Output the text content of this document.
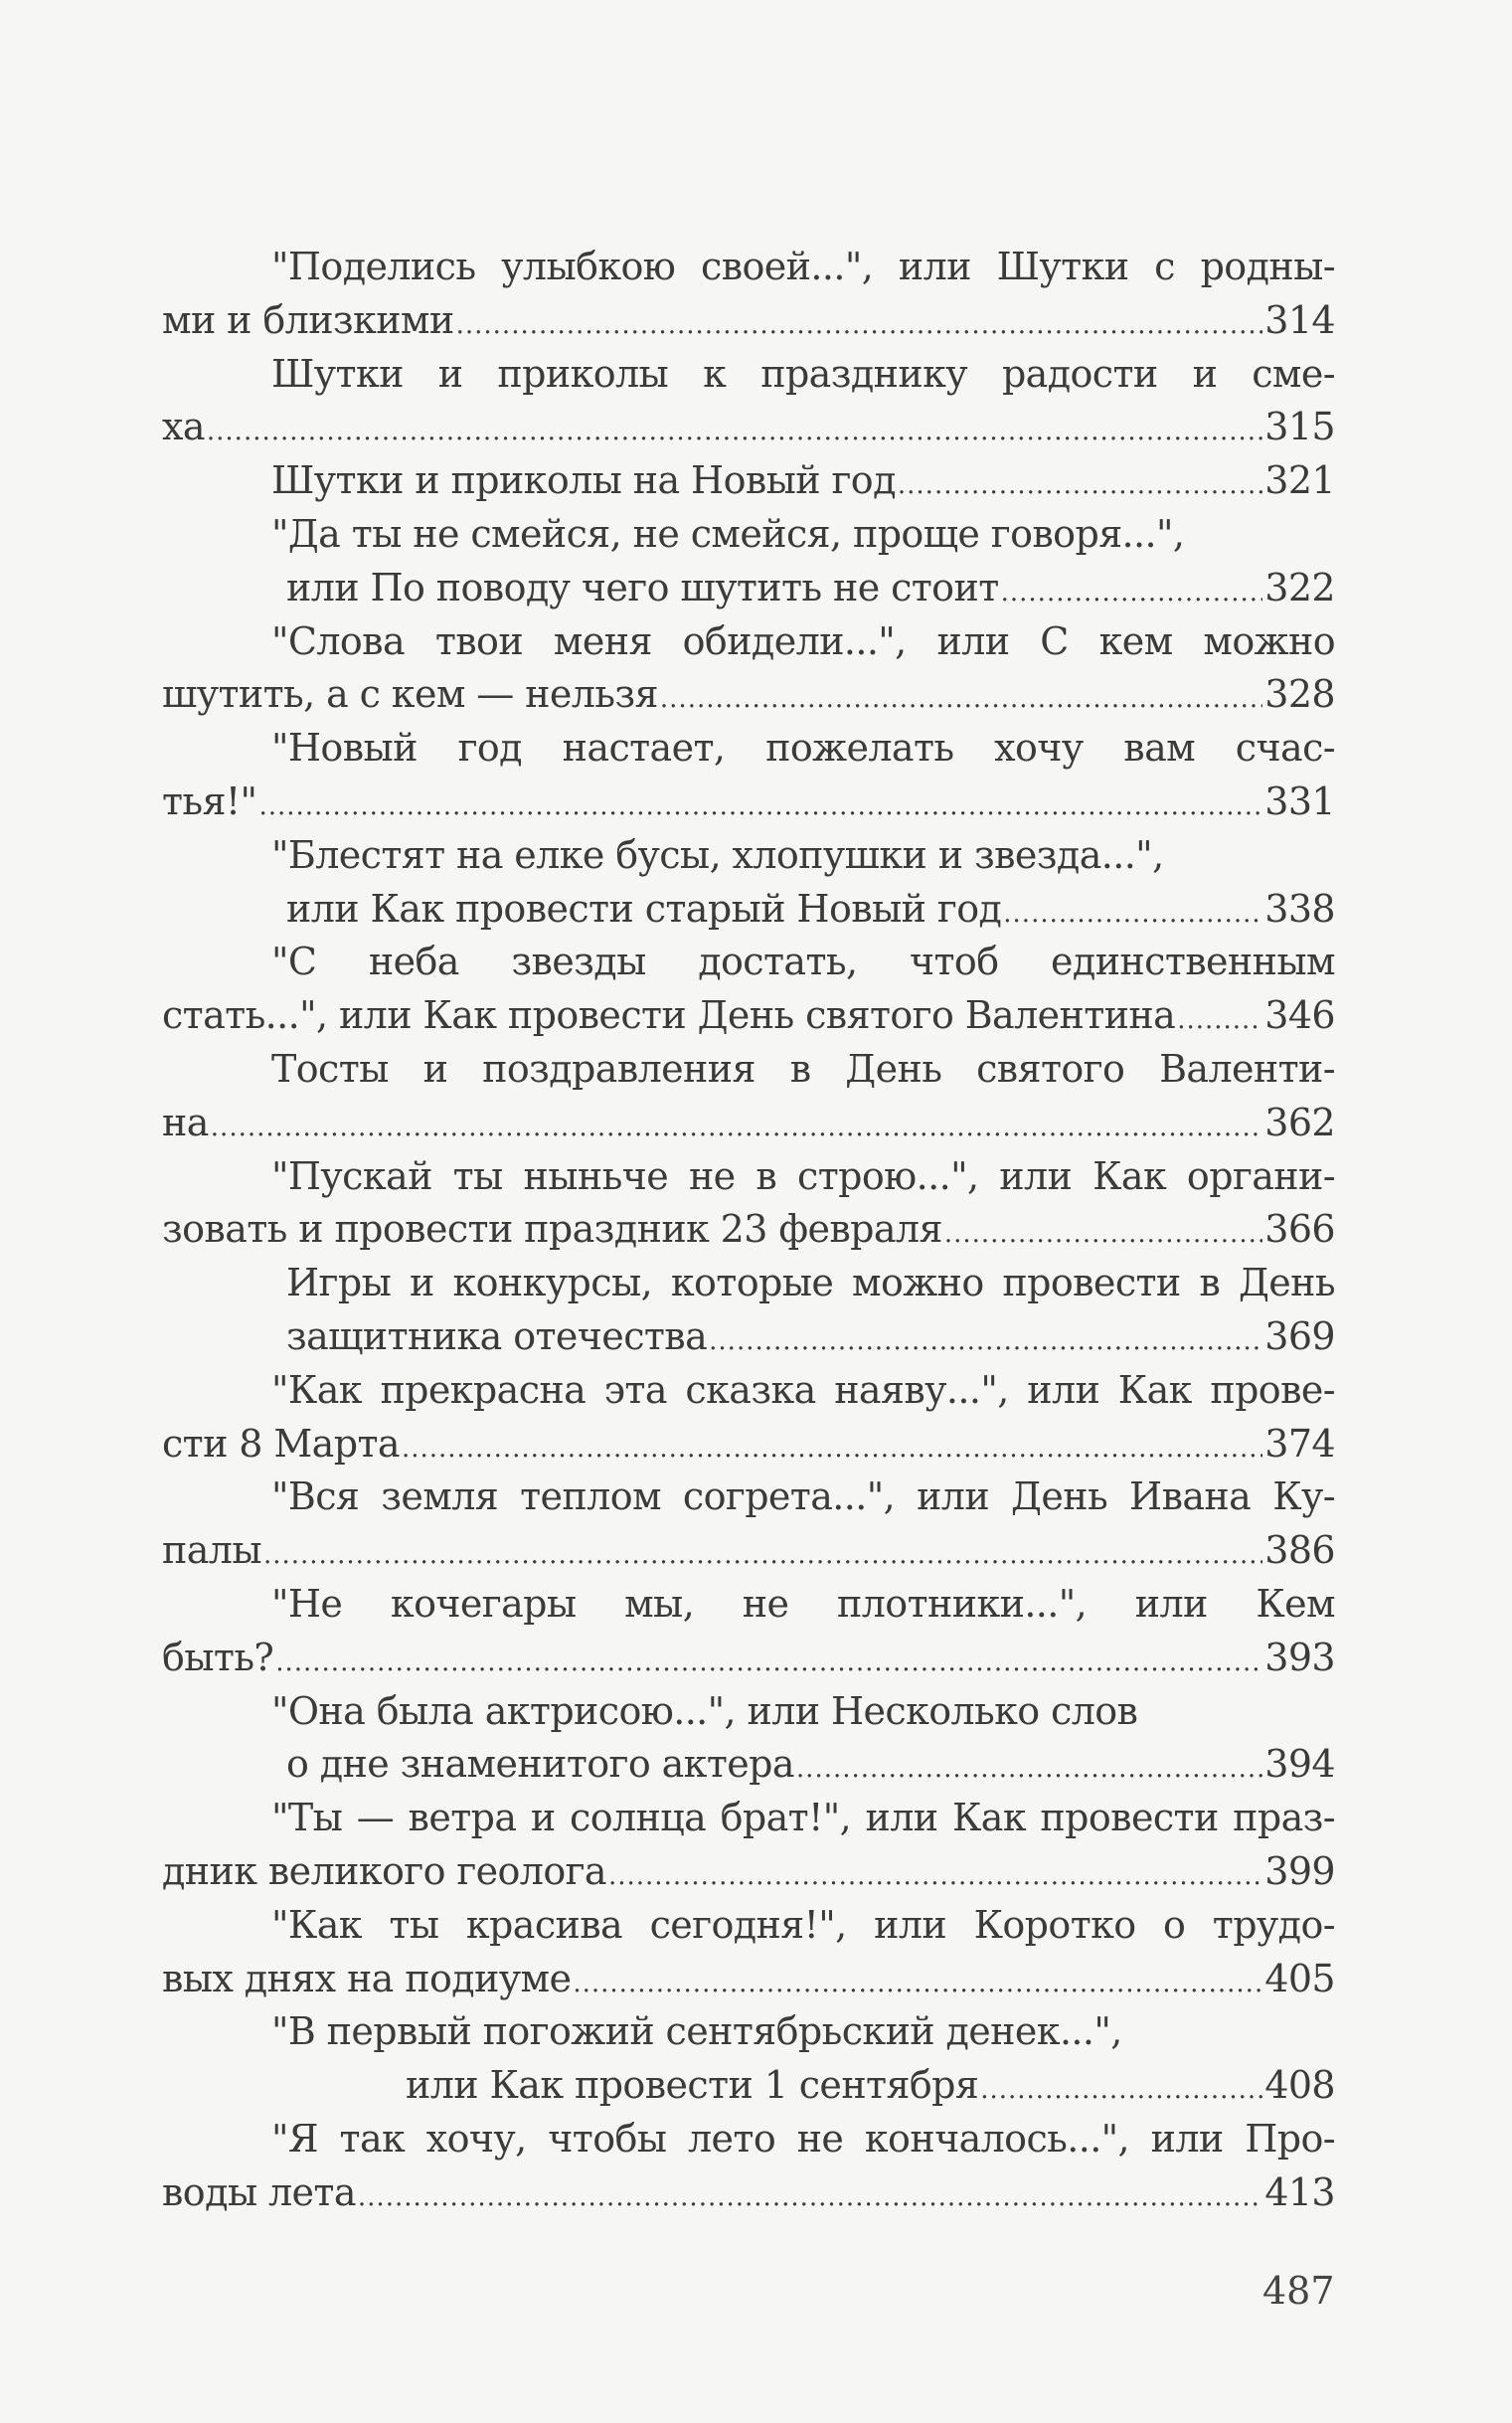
"Поделись улыбкою своей...", или Шутки с родны-
ми и близкими .....	314
Шутки и приколы к празднику радости и сме-
ха .....	315
Шутки и приколы на Новый год .....	321
"Да ты не смейся, не смейся, проще говоря...",
или По поводу чего шутить не стоит .....	322
"Слова твои меня обидели...", или С кем можно
шутить, а с кем — нельзя .....	328
"Новый год настает, пожелать хочу вам счас-
тья!" .....	331
"Блестят на елке бусы, хлопушки и звезда...",
или Как провести старый Новый год .....	338
"С неба звезды достать, чтоб единственным
стать...", или Как провести День святого Валентина ..... 346
Тосты и поздравления в День святого Валенти-
на .....	362
"Пускай ты ныньче не в строю...", или Как органи-
зовать и провести праздник 23 февраля .....	366
Игры и конкурсы, которые можно провести в День
защитника отечества .....	369
"Как прекрасна эта сказка наяву...", или Как прове-
сти 8 Марта .....	374
"Вся земля теплом согрета...", или День Ивана Ку-
палы .....	386
"Не кочегары мы, не плотники...", или Кем
быть? .....	393
"Она была актрисою...", или Несколько слов
о дне знаменитого актера .....	394
"Ты — ветра и солнца брат!", или Как провести праз-
дник великого геолога .....	399
"Как ты красива сегодня!", или Коротко о трудо-
вых днях на подиуме .....	405
"В первый погожий сентябрьский денек...",
или Как провести 1 сентября .....	408
"Я так хочу, чтобы лето не кончалось...", или Про-
воды лета .....	413
487
